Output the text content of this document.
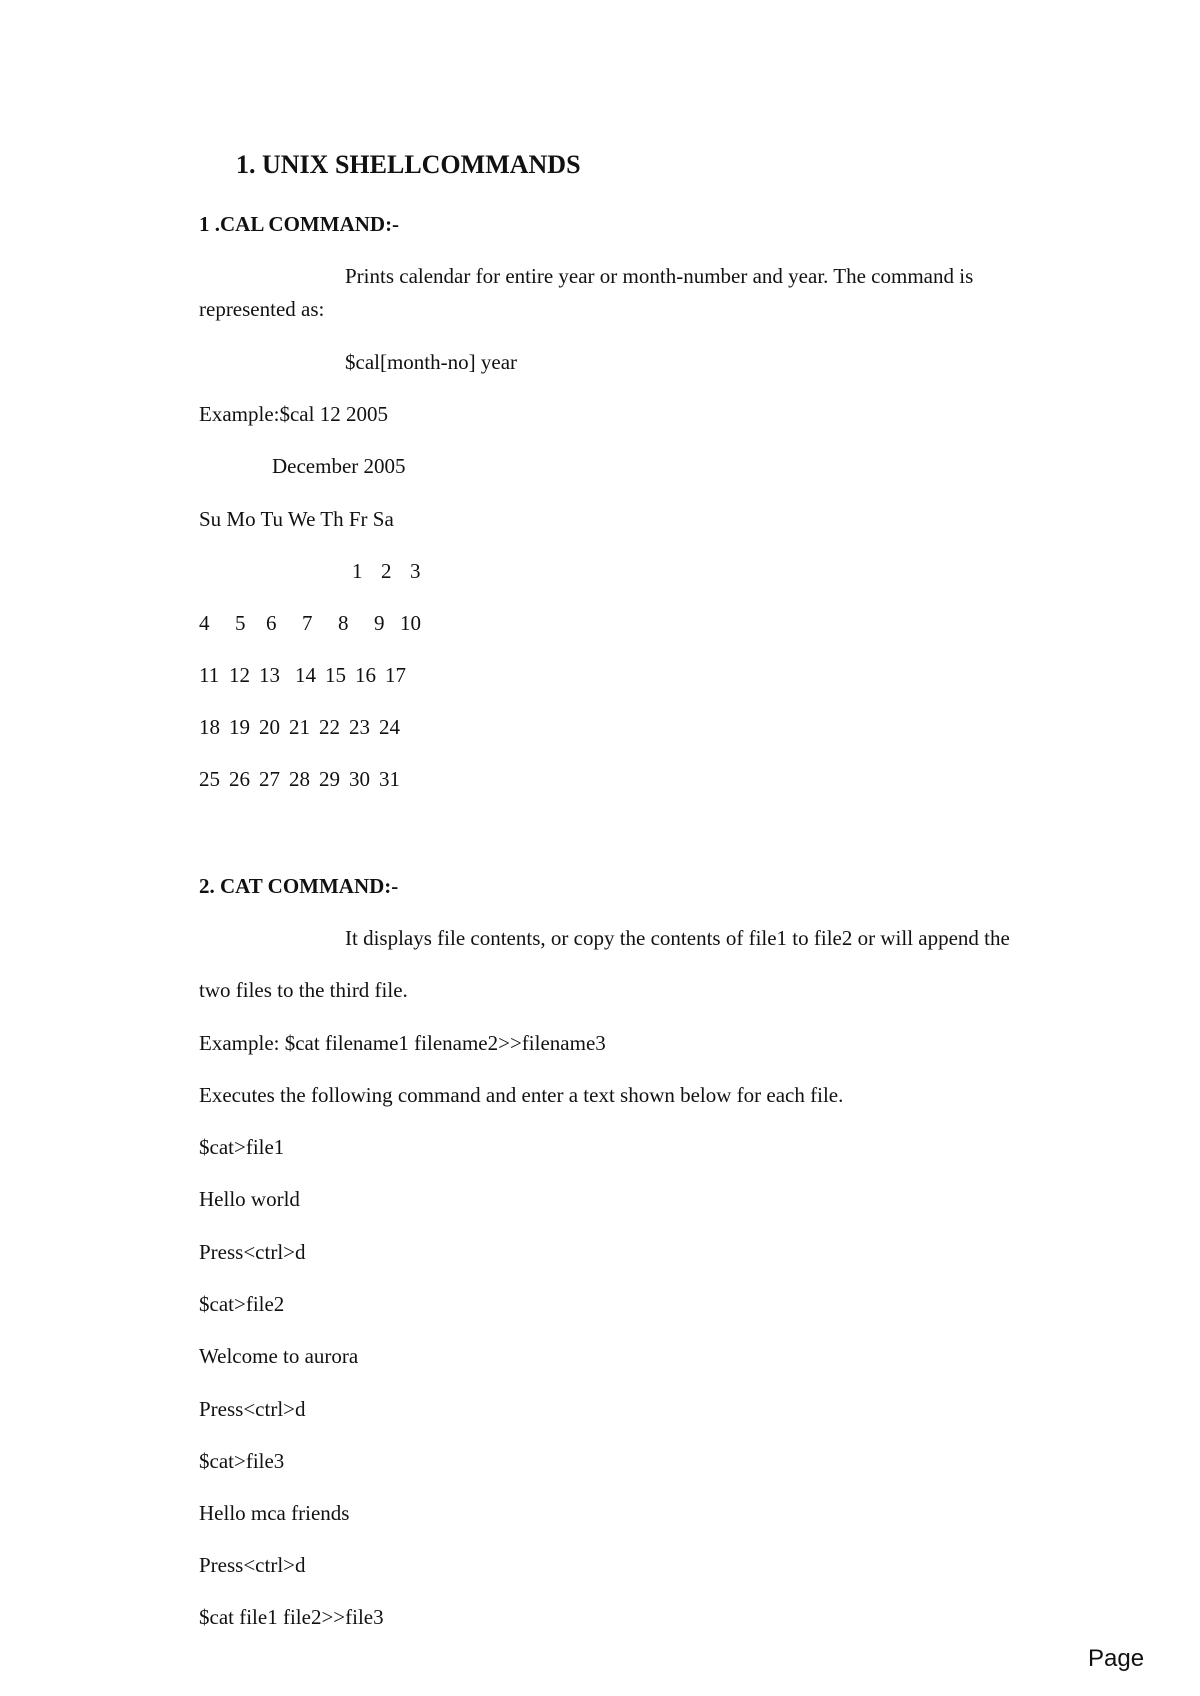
1. UNIX SHELLCOMMANDS
1 .CAL COMMAND:-
Prints calendar for entire year or month-number and year. The command is
represented as:
$cal[month-no] year
Example:$cal 12 2005
December 2005
Su Mo Tu We Th Fr Sa
1 2 3
4 5 6 7 8 9 10
11 12 13 14 15 16 17
18 19 20 21 22 23 24
25 26 27 28 29 30 31
2. CAT COMMAND:-
It displays file contents, or copy the contents of file1 to file2 or will append the
two files to the third file.
Example: $cat filename1 filename2>>filename3
Executes the following command and enter a text shown below for each file.
$cat>file1
Hello world
Press<ctrl>d
$cat>file2
Welcome to aurora
Press<ctrl>d
$cat>file3
Hello mca friends
Press<ctrl>d
$cat file1 file2>>file3
Page
